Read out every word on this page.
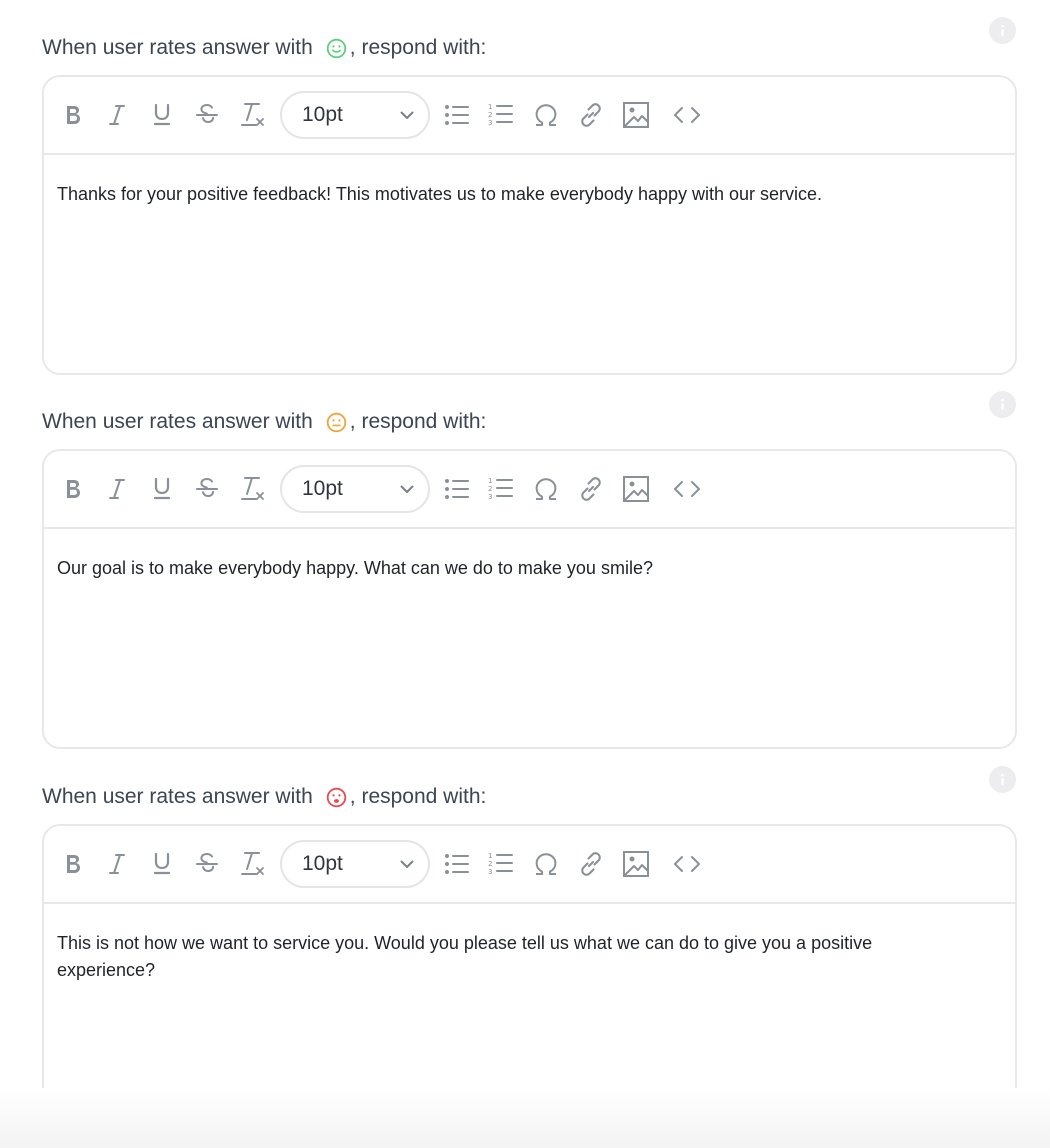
When user rates answer with , respond with:
10pt	1
2
3
Thanks for your positive feedback! This motivates us to make everybody happy with our service.
When user rates answer with , respond with:
10pt	1
2
3
Our goal is to make everybody happy. What can we do to make you smile?
When user rates answer with , respond with:
10pt	1
2
3
This is not how we want to service you. Would you please tell us what we can do to give you a positive experience?
